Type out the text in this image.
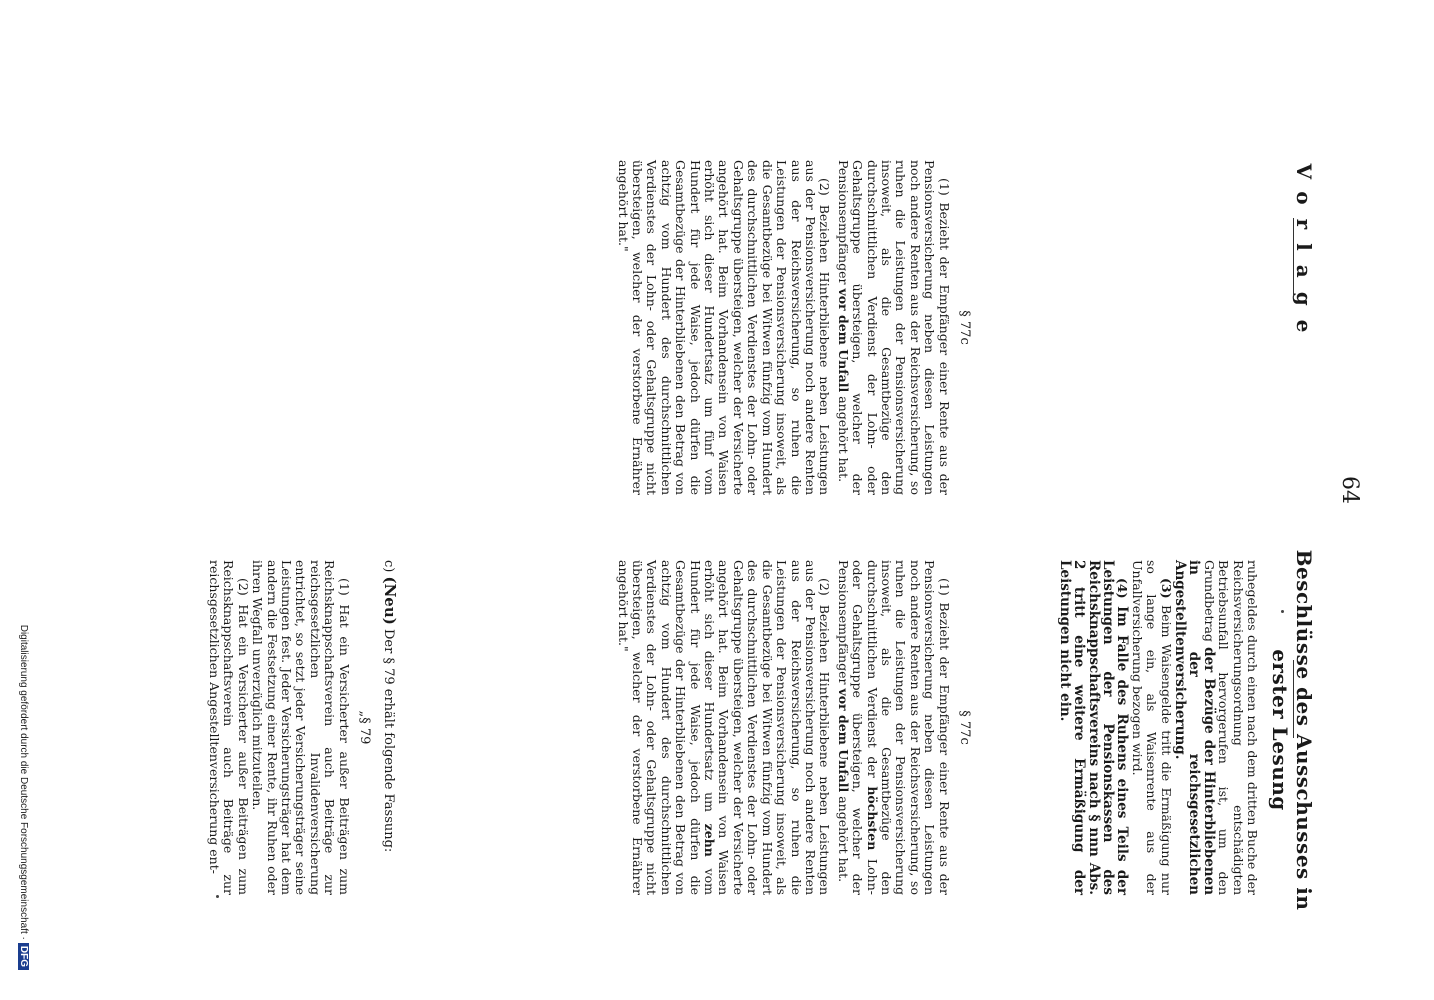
64
Vorlage
Beschlüsse des Ausschusses in erster Lesung
§ 77c

(1) Bezieht der Empfänger einer Rente aus der Pensionsversicherung neben diesen Leistungen noch andere Renten aus der Reichsversicherung, so ruhen die Leistungen der Pensionsversicherung insoweit, als die Gesamtbezüge den durchschnittlichen Verdienst der Lohn- oder Gehaltsgruppe übersteigen, welcher der Pensionsempfänger vor dem Unfall angehört hat.

(2) Beziehen Hinterbliebene neben Leistungen aus der Pensionsversicherung noch andere Renten aus der Reichsversicherung, so ruhen die Leistungen der Pensionsversicherung insoweit, als die Gesamtbezüge bei Witwen fünfzig vom Hundert des durchschnittlichen Verdienstes der Lohn- oder Gehaltsgruppe übersteigen, welcher der Versicherte angehört hat. Beim Vorhandensein von Waisen erhöht sich dieser Hundertsatz um fünf vom Hundert für jede Waise, jedoch dürfen die Gesamtbezüge der Hinterbliebenen den Betrag von achtzig vom Hundert des durchschnittlichen Verdienstes der Lohn- oder Gehaltsgruppe nicht übersteigen, welcher der verstorbene Ernährer angehört hat."

ruhegeldes durch einen nach dem dritten Buche der Reichsversicherungsordnung entschädigten Betriebsunfall hervorgerufen ist, um den Grundbetrag der Bezüge der Hinterbliebenen in der reichsgesetzlichen Angestelltenversicherung.

(3) Beim Waisengelde tritt die Ermäßigung nur so lange ein, als Waisenrente aus der Unfallversicherung bezogen wird.

(4) Im Falle des Ruhens eines Teils der Leistungen der Pensionskassen des Reichsknappschaftsvereins nach § nnn Abs. 2 tritt eine weitere Ermäßigung der Leistungen nicht ein.

§ 77c

(1) Bezieht der Empfänger einer Rente aus der Pensionsversicherung neben diesen Leistungen noch andere Renten aus der Reichsversicherung, so ruhen die Leistungen der Pensionsversicherung insoweit, als die Gesamtbezüge den durchschnittlichen Verdienst der höchsten Lohn- oder Gehaltsgruppe übersteigen, welcher der Pensionsempfänger vor dem Unfall angehört hat.

(2) Beziehen Hinterbliebene neben Leistungen aus der Pensionsversicherung noch andere Renten aus der Reichsversicherung, so ruhen die Leistungen der Pensionsversicherung insoweit, als die Gesamtbezüge bei Witwen fünfzig vom Hundert des durchschnittlichen Verdienstes der Lohn- oder Gehaltsgruppe übersteigen, welcher der Versicherte angehört hat. Beim Vorhandensein von Waisen erhöht sich dieser Hundertsatz um zehn vom Hundert für jede Waise, jedoch dürfen die Gesamtbezüge der Hinterbliebenen den Betrag von achtzig vom Hundert des durchschnittlichen Verdienstes der Lohn- oder Gehaltsgruppe nicht übersteigen, welcher der verstorbene Ernährer angehört hat."

c) (Neu) Der § 79 erhält folgende Fassung:
„§ 79

(1) Hat ein Versicherter außer Beiträgen zum Reichsknappschaftsverein auch Beiträge zur reichsgesetzlichen Invalidenversicherung entrichtet, so setzt jeder Versicherungsträger seine Leistungen fest. Jeder Versicherungsträger hat dem andern die Festsetzung einer Rente, ihr Ruhen oder ihren Wegfall unverzüglich mitzuteilen.

(2) Hat ein Versicherter außer Beiträgen zum Reichsknappschaftsverein auch Beiträge zur reichsgesetzlichen Angestelltenversicherung ent-

Digitalisierung gefördert durch die Deutsche Forschungsgemeinschaft ·DFG
